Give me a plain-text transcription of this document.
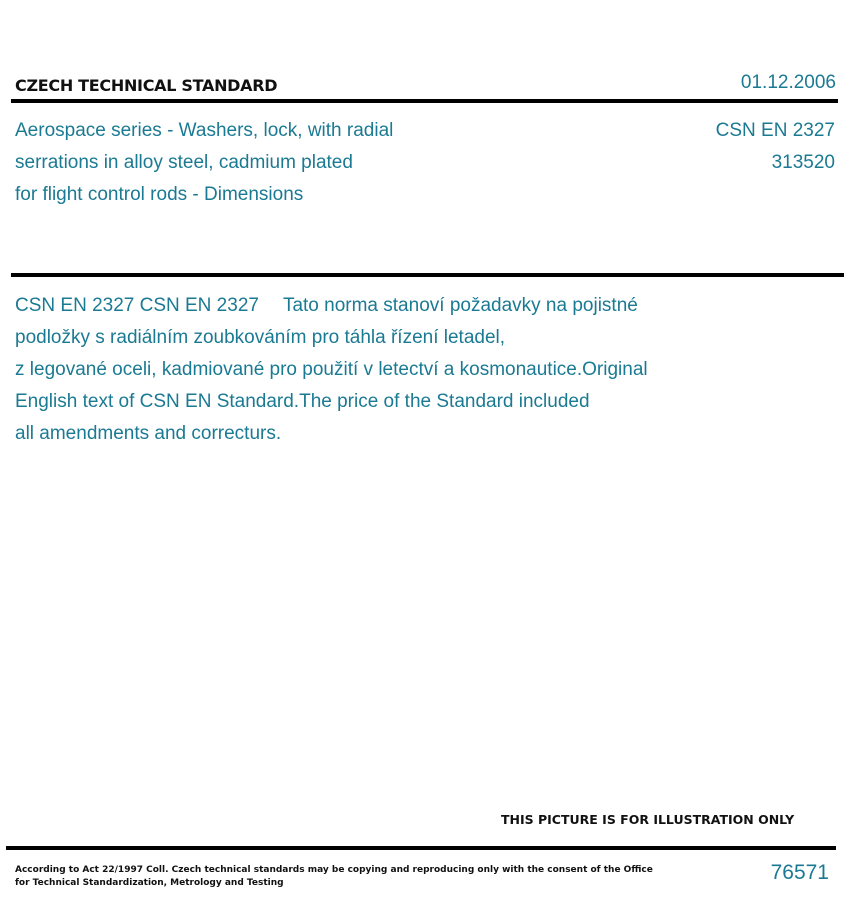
CZECH TECHNICAL STANDARD	01.12.2006
Aerospace series - Washers, lock, with radial
serrations in alloy steel, cadmium plated
for flight control rods - Dimensions
CSN EN 2327
313520
CSN EN 2327 CSN EN 2327 Tato norma stanoví požadavky na pojistné
podložky s radiálním zoubkováním pro táhla řízení letadel,
z legované oceli, kadmiované pro použití v letectví a kosmonautice.Original
English text of CSN EN Standard.The price of the Standard included
all amendments and correcturs.
THIS PICTURE IS FOR ILLUSTRATION ONLY
According to Act 22/1997 Coll. Czech technical standards may be copying and reproducing only with the consent of the Office
for Technical Standardization, Metrology and Testing	76571
